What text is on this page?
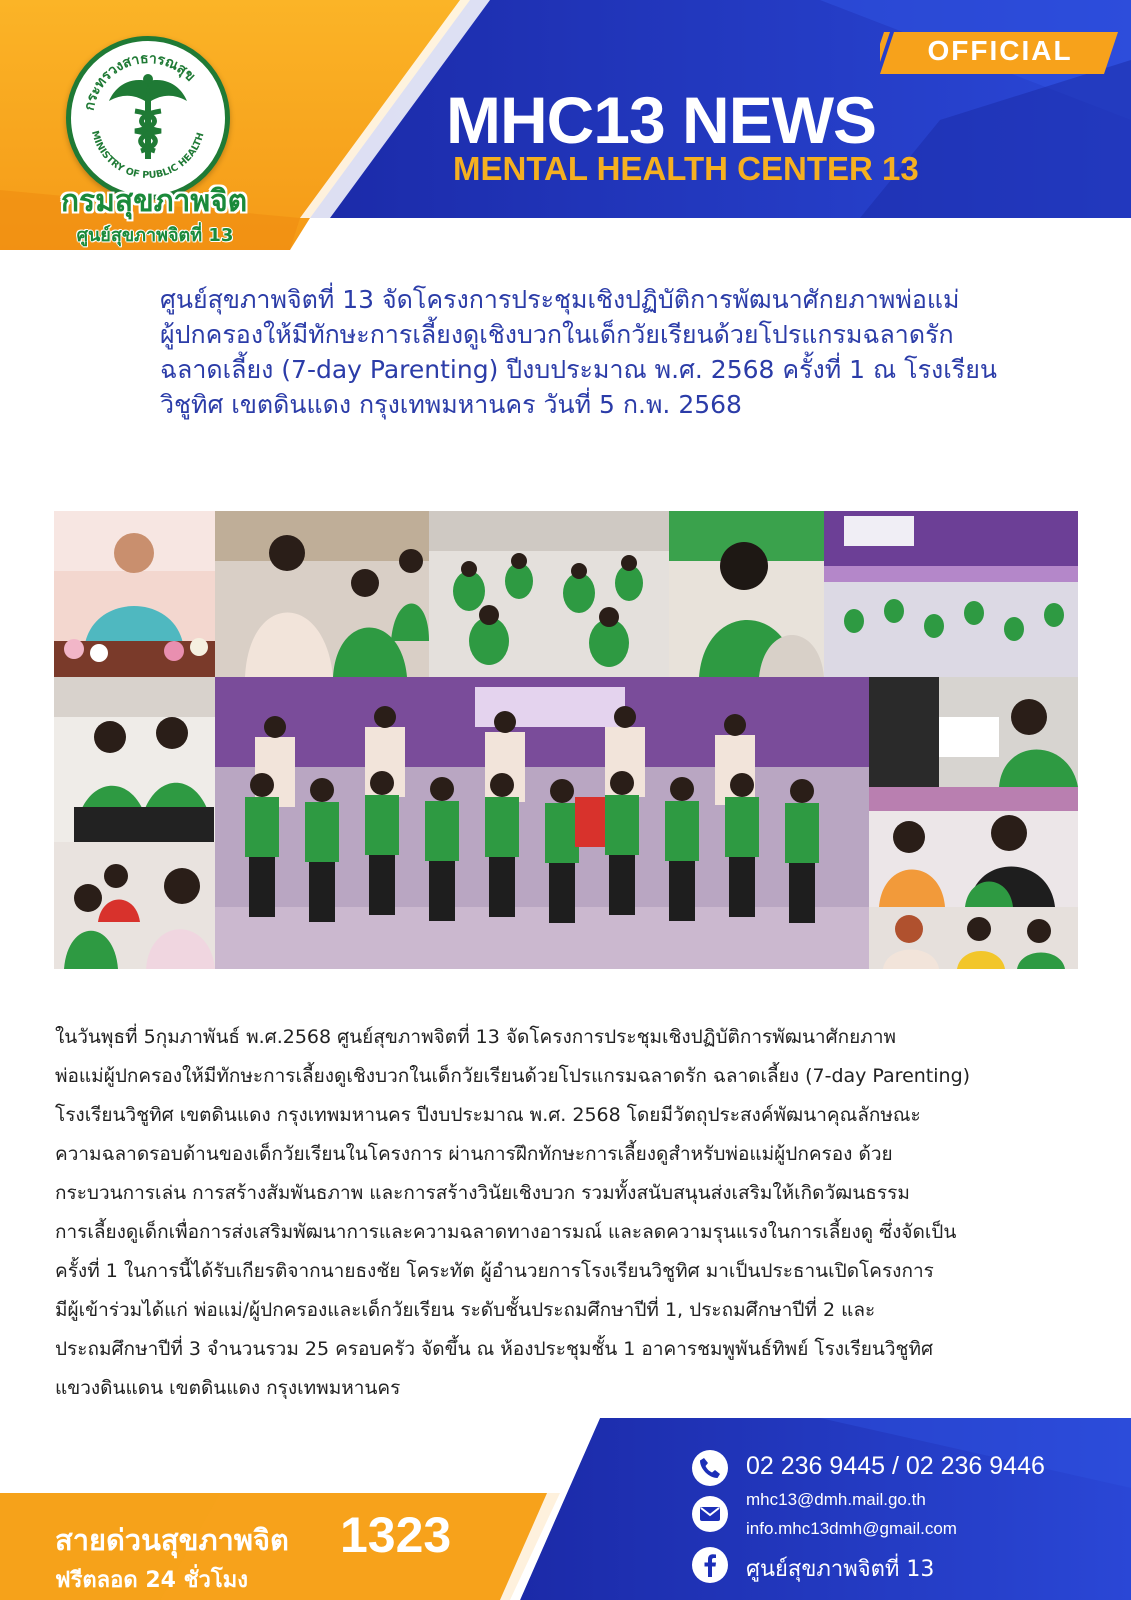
กระทรวงสาธารณสุข
MINISTRY OF PUBLIC HEALTH
กรมสุขภาพจิต
ศูนย์สุขภาพจิตที่ 13
OFFICIAL
MHC13 NEWS
MENTAL HEALTH CENTER 13
ศูนย์สุขภาพจิตที่ 13 จัดโครงการประชุมเชิงปฏิบัติการพัฒนาศักยภาพพ่อแม่
ผู้ปกครองให้มีทักษะการเลี้ยงดูเชิงบวกในเด็กวัยเรียนด้วยโปรแกรมฉลาดรัก
ฉลาดเลี้ยง (7-day Parenting) ปีงบประมาณ พ.ศ. 2568 ครั้งที่ 1 ณ โรงเรียน
วิชูทิศ เขตดินแดง กรุงเทพมหานคร วันที่ 5 ก.พ. 2568
ในวันพุธที่ 5กุมภาพันธ์ พ.ศ.2568 ศูนย์สุขภาพจิตที่ 13 จัดโครงการประชุมเชิงปฏิบัติการพัฒนาศักยภาพ
พ่อแม่ผู้ปกครองให้มีทักษะการเลี้ยงดูเชิงบวกในเด็กวัยเรียนด้วยโปรแกรมฉลาดรัก ฉลาดเลี้ยง (7-day Parenting)
โรงเรียนวิชูทิศ เขตดินแดง กรุงเทพมหานคร ปีงบประมาณ พ.ศ. 2568 โดยมีวัตถุประสงค์พัฒนาคุณลักษณะ
ความฉลาดรอบด้านของเด็กวัยเรียนในโครงการ ผ่านการฝึกทักษะการเลี้ยงดูสำหรับพ่อแม่ผู้ปกครอง ด้วย
กระบวนการเล่น การสร้างสัมพันธภาพ และการสร้างวินัยเชิงบวก รวมทั้งสนับสนุนส่งเสริมให้เกิดวัฒนธรรม
การเลี้ยงดูเด็กเพื่อการส่งเสริมพัฒนาการและความฉลาดทางอารมณ์ และลดความรุนแรงในการเลี้ยงดู ซึ่งจัดเป็น
ครั้งที่ 1 ในการนี้ได้รับเกียรติจากนายธงชัย โคระทัต ผู้อำนวยการโรงเรียนวิชูทิศ มาเป็นประธานเปิดโครงการ
มีผู้เข้าร่วมได้แก่ พ่อแม่/ผู้ปกครองและเด็กวัยเรียน ระดับชั้นประถมศึกษาปีที่ 1, ประถมศึกษาปีที่ 2 และ
ประถมศึกษาปีที่ 3 จำนวนรวม 25 ครอบครัว จัดขึ้น ณ ห้องประชุมชั้น 1 อาคารชมพูพันธ์ทิพย์ โรงเรียนวิชูทิศ
แขวงดินแดน เขตดินแดง กรุงเทพมหานคร
สายด่วนสุขภาพจิต 1323
ฟรีตลอด 24 ชั่วโมง
02 236 9445 / 02 236 9446
mhc13@dmh.mail.go.th
info.mhc13dmh@gmail.com
ศูนย์สุขภาพจิตที่ 13
